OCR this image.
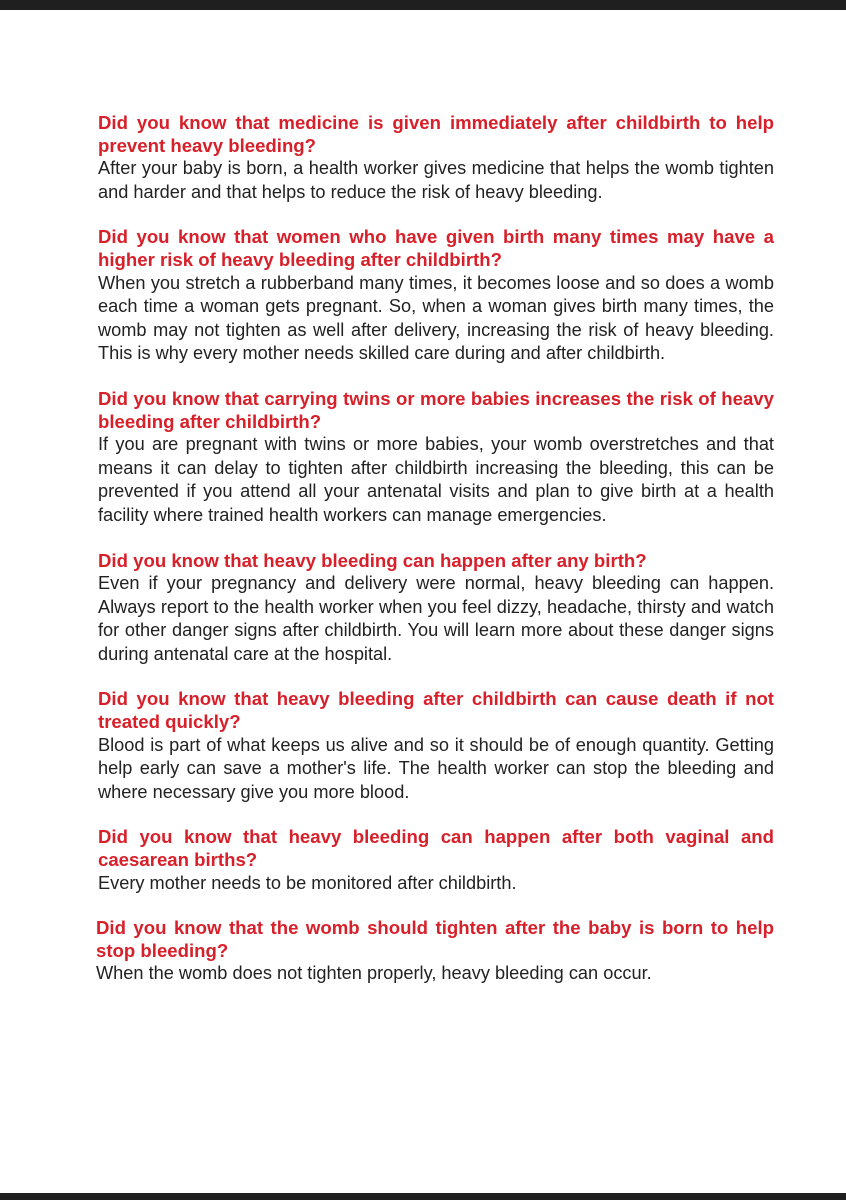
Did you know that medicine is given immediately after childbirth to help prevent heavy bleeding?

After your baby is born, a health worker gives medicine that helps the womb tighten and harder and that helps to reduce the risk of heavy bleeding.

Did you know that women who have given birth many times may have a higher risk of heavy bleeding after childbirth?

When you stretch a rubberband many times, it becomes loose and so does a womb each time a woman gets pregnant. So, when a woman gives birth many times, the womb may not tighten as well after delivery, increasing the risk of heavy bleeding. This is why every mother needs skilled care during and after childbirth.

Did you know that carrying twins or more babies increases the risk of heavy bleeding after childbirth?

If you are pregnant with twins or more babies, your womb overstretches and that means it can delay to tighten after childbirth increasing the bleeding, this can be prevented if you attend all your antenatal visits and plan to give birth at a health facility where trained health workers can manage emergencies.

Did you know that heavy bleeding can happen after any birth?

Even if your pregnancy and delivery were normal, heavy bleeding can happen. Always report to the health worker when you feel dizzy, headache, thirsty and watch for other danger signs after childbirth. You will learn more about these danger signs during antenatal care at the hospital.

Did you know that heavy bleeding after childbirth can cause death if not treated quickly?

Blood is part of what keeps us alive and so it should be of enough quantity. Getting help early can save a mother's life. The health worker can stop the bleeding and where necessary give you more blood.

Did you know that heavy bleeding can happen after both vaginal and caesarean births?

Every mother needs to be monitored after childbirth.

Did you know that the womb should tighten after the baby is born to help stop bleeding?

When the womb does not tighten properly, heavy bleeding can occur.
